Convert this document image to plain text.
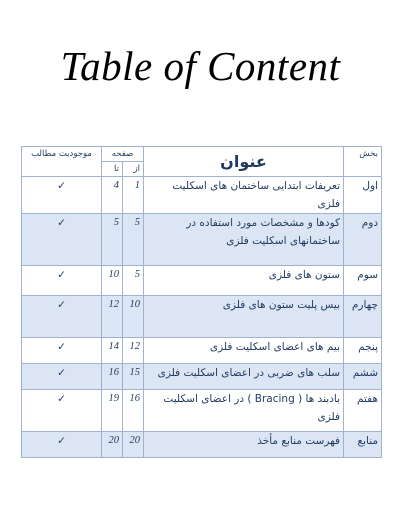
Table of Content
بخش	عنوان	صفحه		موجودیت مطالب
		از	تا	
اول	تعریفات ابتدایی ساختمان های اسکلیت فلزی	1	4	✓
دوم	کودها و مشخصات مورد استفاده در ساختمانهای اسکلیت فلزی	5	5	✓
سوم	ستون های فلزی	5	10	✓
چهارم	بیس پلیت ستون های فلزی	10	12	✓
پنجم	بیم های اعضای اسکلیت فلزی	12	14	✓
ششم	سلب های ضربی در اعضای اسکلیت فلزی	15	16	✓
هفتم	بادبند ها ( Bracing ) در اعضای اسکلیت فلزی	16	19	✓
منابع	فهرست منابع مأخذ	20	20	✓
